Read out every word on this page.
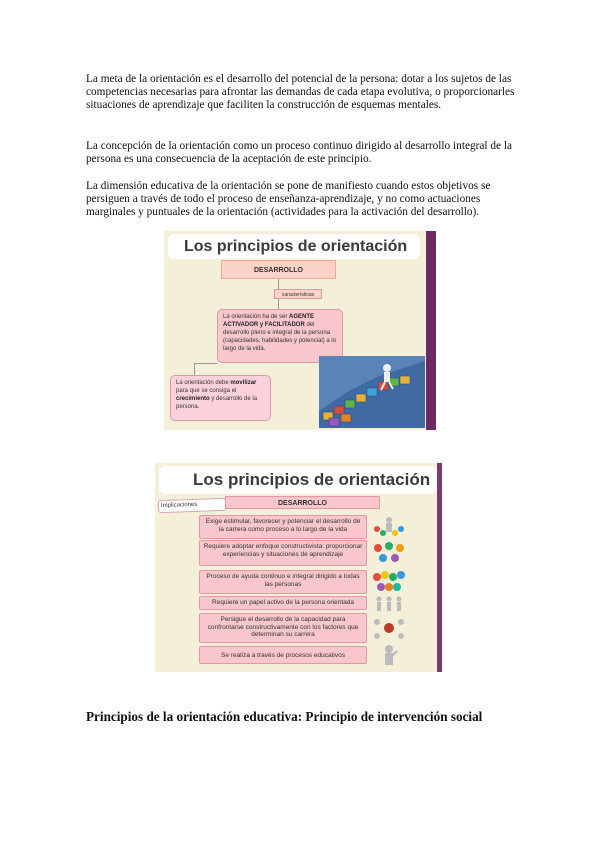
La meta de la orientación es el desarrollo del potencial de la persona: dotar a los sujetos de las competencias necesarias para afrontar las demandas de cada etapa evolutiva, o proporcionarles situaciones de aprendizaje que faciliten la construcción de esquemas mentales.

La concepción de la orientación como un proceso continuo dirigido al desarrollo integral de la persona es una consecuencia de la aceptación de este principio.

La dimensión educativa de la orientación se pone de manifiesto cuando estos objetivos se persiguen a través de todo el proceso de enseñanza-aprendizaje, y no como actuaciones marginales y puntuales de la orientación (actividades para la activación del desarrollo).

Los principios de orientación
DESARROLLO
características
La orientación ha de ser AGENTE ACTIVADOR y FACILITADOR del desarrollo pleno e integral de la persona (capacidades, habilidades y potencial) a lo largo de la vida.
La orientación debe movilizar para que se consiga el crecimiento y desarrollo de la persona.
Los principios de orientación
Implicaciones	DESARROLLO
Exige estimular, favorecer y potenciar el desarrollo de la carrera como proceso a lo largo de la vida
Requiere adoptar enfoque constructivista: proporcionar experiencias y situaciones de aprendizaje
Proceso de ayuda continuo e integral dirigido a todas las personas
Requiere un papel activo de la persona orientada
Persigue el desarrollo de la capacidad para confrontarse constructivamente con los factores que determinan su carrera
Se realiza a través de procesos educativos

Principios de la orientación educativa: Principio de intervención social
